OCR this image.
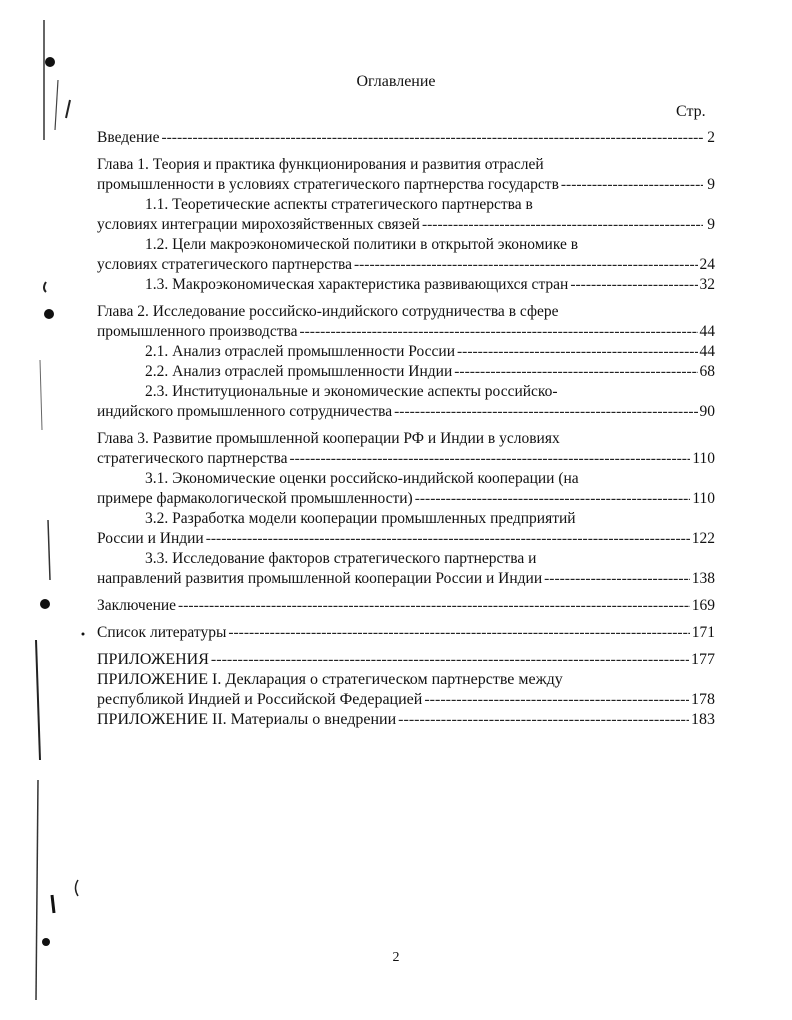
Оглавление
Стр.
Введение -----	2
Глава 1. Теория и практика функционирования и развития отраслей
промышленности в условиях стратегического партнерства государств -----	9
1.1. Теоретические аспекты стратегического партнерства в
условиях интеграции мирохозяйственных связей -----	9
1.2. Цели макроэкономической политики в открытой экономике в
условиях стратегического партнерства -----	24
1.3. Макроэкономическая характеристика развивающихся стран -----	32
Глава 2. Исследование российско-индийского сотрудничества в сфере
промышленного производства -----	44
2.1. Анализ отраслей промышленности России -----	44
2.2. Анализ отраслей промышленности Индии -----	68
2.3. Институциональные и экономические аспекты российско-
индийского промышленного сотрудничества -----	90
Глава 3. Развитие промышленной кооперации РФ и Индии в условиях
стратегического партнерства -----	110
3.1. Экономические оценки российско-индийской кооперации (на
примере фармакологической промышленности) -----	110
3.2. Разработка модели кооперации промышленных предприятий
России и Индии -----	122
3.3. Исследование факторов стратегического партнерства и
направлений развития промышленной кооперации России и Индии -----	138
Заключение -----	169
Список литературы -----	171
ПРИЛОЖЕНИЯ -----	177
ПРИЛОЖЕНИЕ I. Декларация о стратегическом партнерстве между
республикой Индией и Российской Федерацией -----	178
ПРИЛОЖЕНИЕ II. Материалы о внедрении -----	183
2
